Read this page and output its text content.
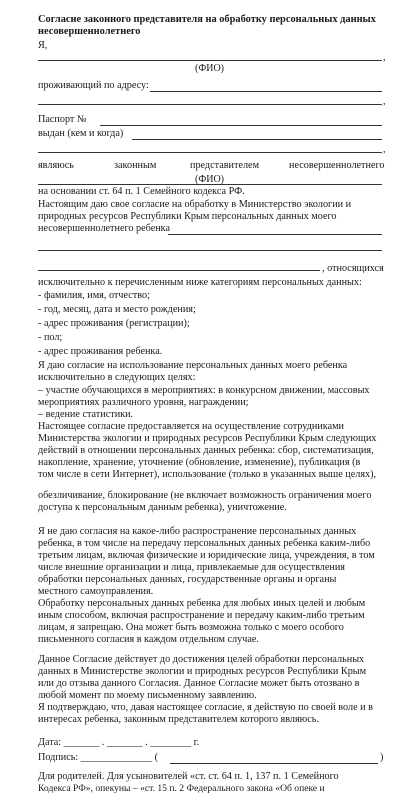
Согласие законного представителя на обработку персональных данных
несовершеннолетнего
Я,
,
(ФИО)
проживающий по адресу:
,
Паспорт №
выдан (кем и когда)
,
являюсь	законным	представителем	несовершеннолетнего
(ФИО)
на основании ст. 64 п. 1 Семейного кодекса РФ.
Настоящим даю свое согласие на обработку в Министерство экологии и
природных ресурсов Республики Крым персональных данных моего
несовершеннолетнего ребенка
, относящихся
исключительно к перечисленным ниже категориям персональных данных:
- фамилия, имя, отчество;
- год, месяц, дата и место рождения;
- адрес проживания (регистрации);
- пол;
- адрес проживания ребенка.
Я даю согласие на использование персональных данных моего ребенка
исключительно в следующих целях:
– участие обучающихся в мероприятиях: в конкурсном движении, массовых
мероприятиях различного уровня, награждении;
– ведение статистики.
Настоящее согласие предоставляется на осуществление сотрудниками
Министерства экологии и природных ресурсов Республики Крым следующих
действий в отношении персональных данных ребенка: сбор, систематизация,
накопление, хранение, уточнение (обновление, изменение), публикация (в
том числе в сети Интернет), использование (только в указанных выше целях),
обезличивание, блокирование (не включает возможность ограничения моего
доступа к персональным данным ребенка), уничтожение.
Я не даю согласия на какое-либо распространение персональных данных
ребенка, в том числе на передачу персональных данных ребенка каким-либо
третьим лицам, включая физические и юридические лица, учреждения, в том
числе внешние организации и лица, привлекаемые для осуществления
обработки персональных данных, государственные органы и органы
местного самоуправления.
Обработку персональных данных ребенка для любых иных целей и любым
иным способом, включая распространение и передачу каким-либо третьим
лицам, я запрещаю. Она может быть возможна только с моего особого
письменного согласия в каждом отдельном случае.
Данное Согласие действует до достижения целей обработки персональных
данных в Министерстве экологии и природных ресурсов Республики Крым
или до отзыва данного Согласия. Данное Согласие может быть отозвано в
любой момент по моему письменному заявлению.
Я подтверждаю, что, давая настоящее согласие, я действую по своей воле и в
интересах ребенка, законным представителем которого являюсь.
Дата: _______ . _______ . ________ г.
Подпись: ______________ (	)
Для родителей. Для усыновителей «ст. ст. 64 п. 1, 137 п. 1 Семейного
Кодекса РФ», опекуны – «ст. 15 п. 2 Федерального закона «Об опеке и
